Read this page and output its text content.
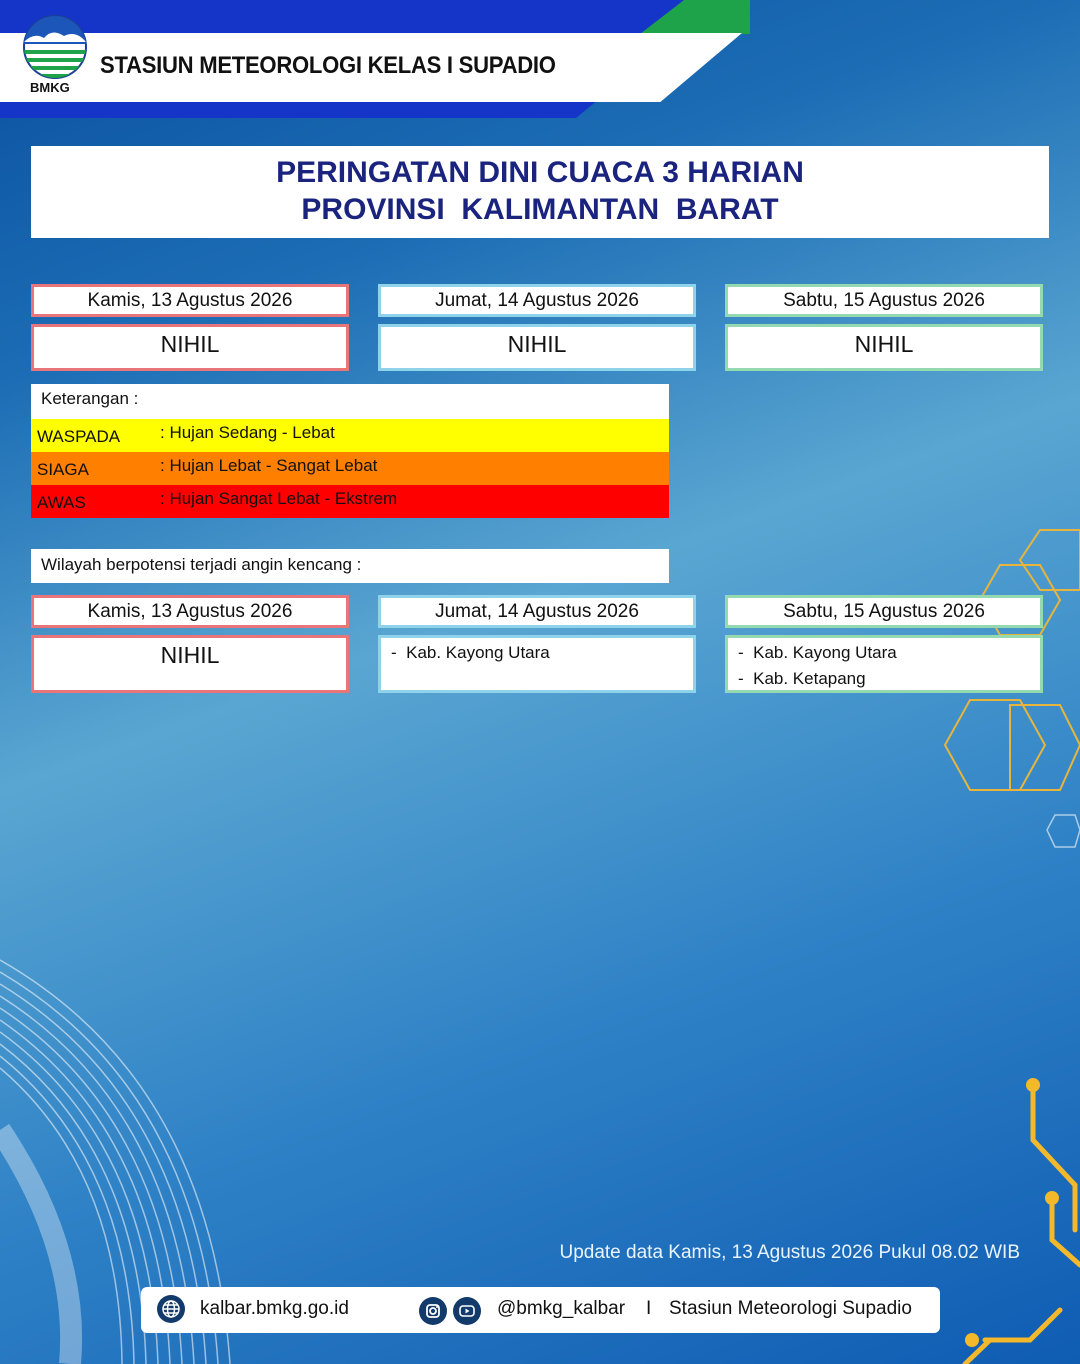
BMKG
STASIUN METEOROLOGI KELAS I SUPADIO
PERINGATAN DINI CUACA 3 HARIAN
PROVINSI  KALIMANTAN  BARAT
Kamis, 13 Agustus 2026	Jumat, 14 Agustus 2026	Sabtu, 15 Agustus 2026
NIHIL	NIHIL	NIHIL
Keterangan :
WASPADA : Hujan Sedang - Lebat
SIAGA	: Hujan Lebat - Sangat Lebat
AWAS	: Hujan Sangat Lebat - Ekstrem
Wilayah berpotensi terjadi angin kencang :
Kamis, 13 Agustus 2026	Jumat, 14 Agustus 2026	Sabtu, 15 Agustus 2026
NIHIL	-  Kab. Kayong Utara	-  Kab. Kayong Utara
-  Kab. Ketapang
Update data Kamis, 13 Agustus 2026 Pukul 08.02 WIB
kalbar.bmkg.go.id	@bmkg_kalbar I Stasiun Meteorologi Supadio
